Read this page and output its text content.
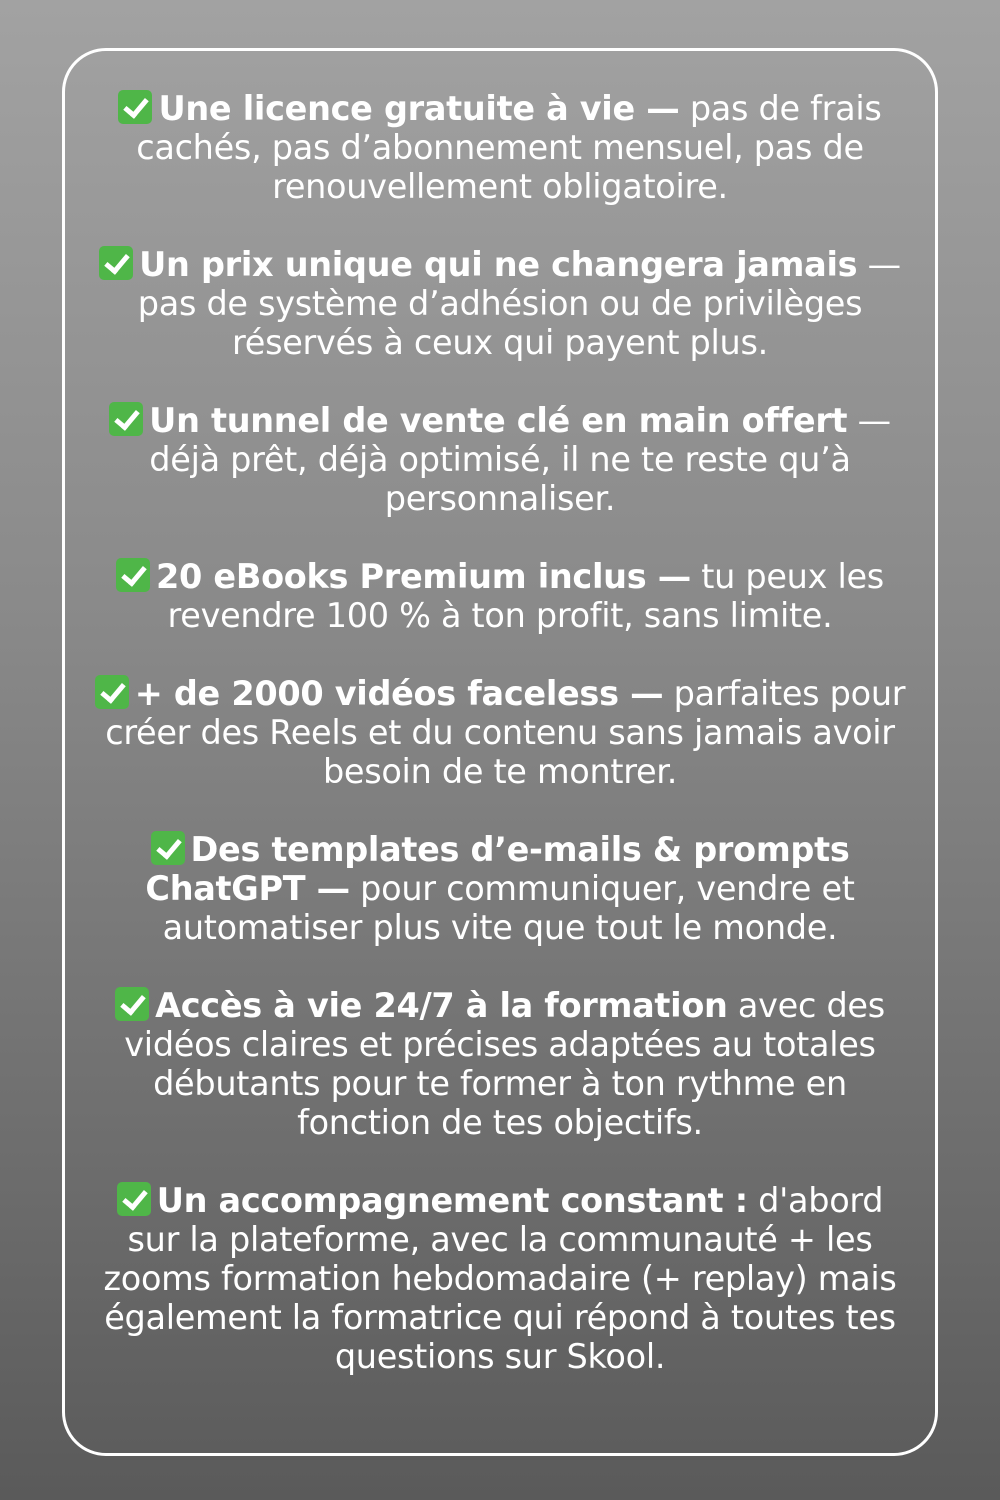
Une licence gratuite à vie — pas de frais cachés, pas d’abonnement mensuel, pas de renouvellement obligatoire.

Un prix unique qui ne changera jamais — pas de système d’adhésion ou de privilèges réservés à ceux qui payent plus.

Un tunnel de vente clé en main offert — déjà prêt, déjà optimisé, il ne te reste qu’à personnaliser.

20 eBooks Premium inclus — tu peux les revendre 100 % à ton profit, sans limite.

+ de 2000 vidéos faceless — parfaites pour créer des Reels et du contenu sans jamais avoir besoin de te montrer.

Des templates d’e-mails & prompts ChatGPT — pour communiquer, vendre et automatiser plus vite que tout le monde.

Accès à vie 24/7 à la formation avec des vidéos claires et précises adaptées au totales débutants pour te former à ton rythme en fonction de tes objectifs.

Un accompagnement constant : d'abord sur la plateforme, avec la communauté + les zooms formation hebdomadaire (+ replay) mais également la formatrice qui répond à toutes tes questions sur Skool.
